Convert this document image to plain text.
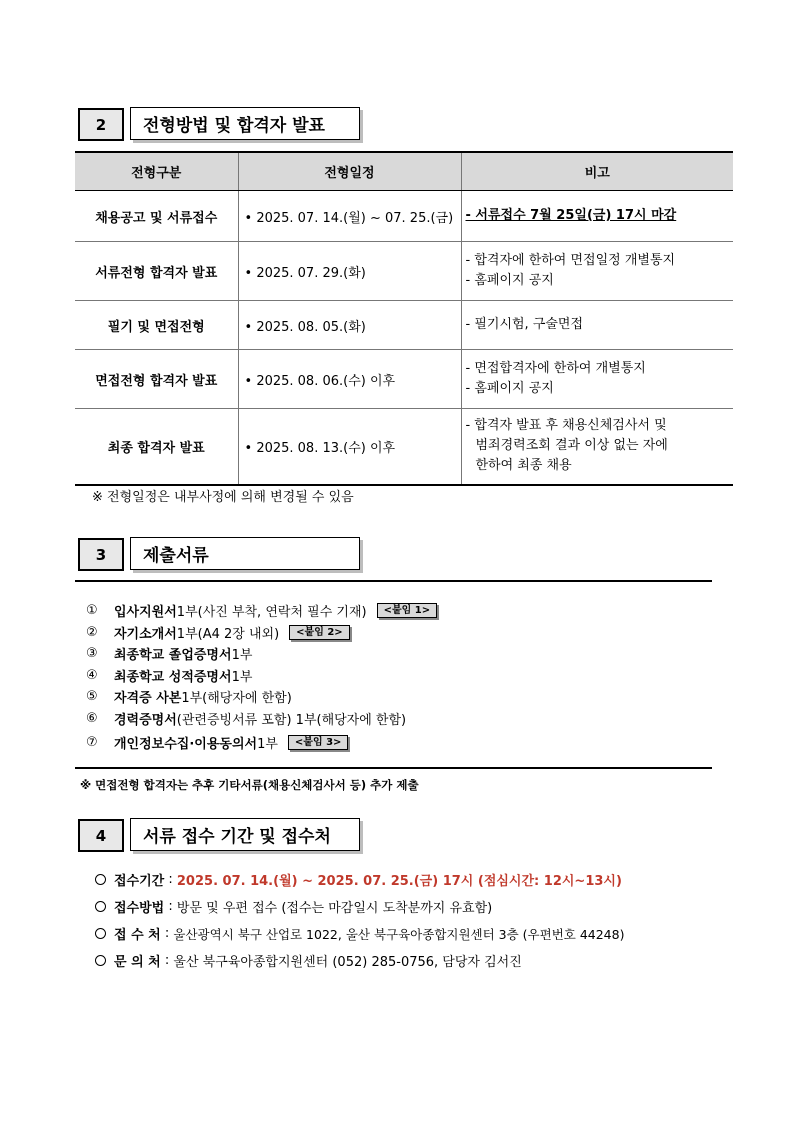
2	전형방법 및 합격자 발표
전형구분	전형일정	비고
채용공고 및 서류접수	• 2025. 07. 14.(월) ~ 07. 25.(금)	- 서류접수 7월 25일(금) 17시 마감
서류전형 합격자 발표	• 2025. 07. 29.(화)	- 합격자에 한하여 면접일정 개별통지
- 홈페이지 공지

필기 및 면접전형	• 2025. 08. 05.(화)	- 필기시험, 구술면접

면접전형 합격자 발표	• 2025. 08. 06.(수) 이후	- 면접합격자에 한하여 개별통지
- 홈페이지 공지

최종 합격자 발표	• 2025. 08. 13.(수) 이후	- 합격자 발표 후 채용신체검사서 및
범죄경력조회 결과 이상 없는 자에
한하여 최종 채용
※ 전형일정은 내부사정에 의해 변경될 수 있음
3	제출서류
①	입사지원서 1부(사진 부착, 연락처 필수 기재)	<붙임 1>
②	자기소개서 1부(A4 2장 내외)	<붙임 2>
③	최종학교 졸업증명서 1부
④	최종학교 성적증명서 1부
⑤	자격증 사본 1부(해당자에 한함)
⑥	경력증명서 (관련증빙서류 포함) 1부(해당자에 한함)
⑦	개인정보수집·이용동의서 1부	<붙임 3>
※ 면접전형 합격자는 추후 기타서류(채용신체검사서 등) 추가 제출
4	서류 접수 기간 및 접수처
접수기간 : 2025. 07. 14.(월) ~ 2025. 07. 25.(금) 17시 (점심시간: 12시~13시)
접수방법 : 방문 및 우편 접수 (접수는 마감일시 도착분까지 유효함)
접 수 처 : 울산광역시 북구 산업로 1022, 울산 북구육아종합지원센터 3층 (우편번호 44248)
문 의 처 : 울산 북구육아종합지원센터 (052) 285-0756, 담당자 김서진
